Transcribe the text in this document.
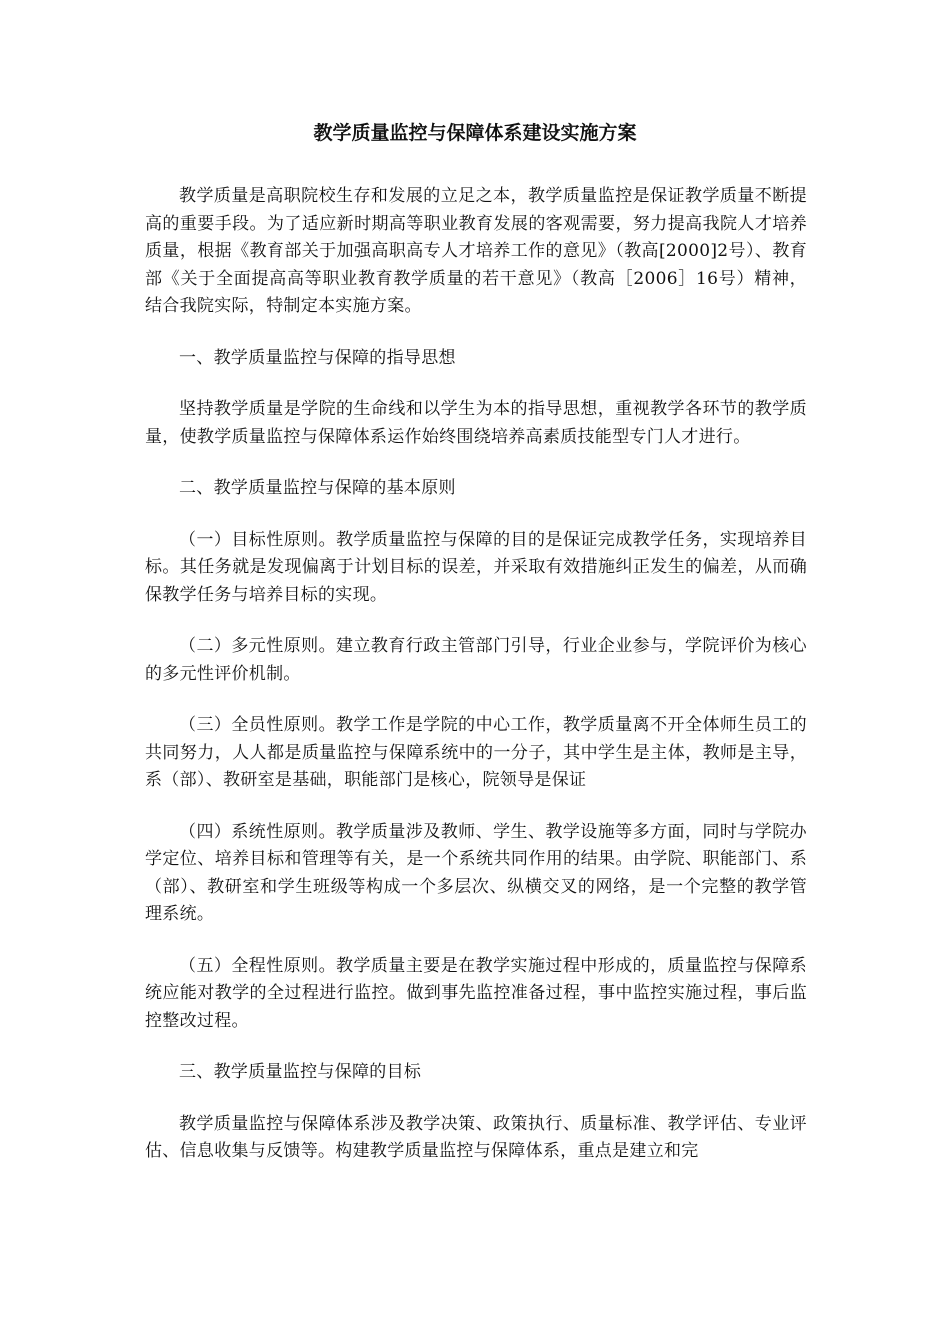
教学质量监控与保障体系建设实施方案

教学质量是高职院校生存和发展的立足之本，教学质量监控是保证教学质量不断提高的重要手段。为了适应新时期高等职业教育发展的客观需要，努力提高我院人才培养质量，根据《教育部关于加强高职高专人才培养工作的意见》（教高[2000]2号）、教育部《关于全面提高高等职业教育教学质量的若干意见》（教高［2006］16号）精神，结合我院实际，特制定本实施方案。

一、教学质量监控与保障的指导思想

坚持教学质量是学院的生命线和以学生为本的指导思想，重视教学各环节的教学质量，使教学质量监控与保障体系运作始终围绕培养高素质技能型专门人才进行。

二、教学质量监控与保障的基本原则

（一）目标性原则。教学质量监控与保障的目的是保证完成教学任务，实现培养目标。其任务就是发现偏离于计划目标的误差，并采取有效措施纠正发生的偏差，从而确保教学任务与培养目标的实现。

（二）多元性原则。建立教育行政主管部门引导，行业企业参与，学院评价为核心的多元性评价机制。

（三）全员性原则。教学工作是学院的中心工作，教学质量离不开全体师生员工的共同努力，人人都是质量监控与保障系统中的一分子，其中学生是主体，教师是主导，系（部）、教研室是基础，职能部门是核心，院领导是保证

（四）系统性原则。教学质量涉及教师、学生、教学设施等多方面，同时与学院办学定位、培养目标和管理等有关，是一个系统共同作用的结果。由学院、职能部门、系（部）、教研室和学生班级等构成一个多层次、纵横交叉的网络，是一个完整的教学管理系统。

（五）全程性原则。教学质量主要是在教学实施过程中形成的，质量监控与保障系统应能对教学的全过程进行监控。做到事先监控准备过程，事中监控实施过程，事后监控整改过程。

三、教学质量监控与保障的目标

教学质量监控与保障体系涉及教学决策、政策执行、质量标准、教学评估、专业评估、信息收集与反馈等。构建教学质量监控与保障体系，重点是建立和完
